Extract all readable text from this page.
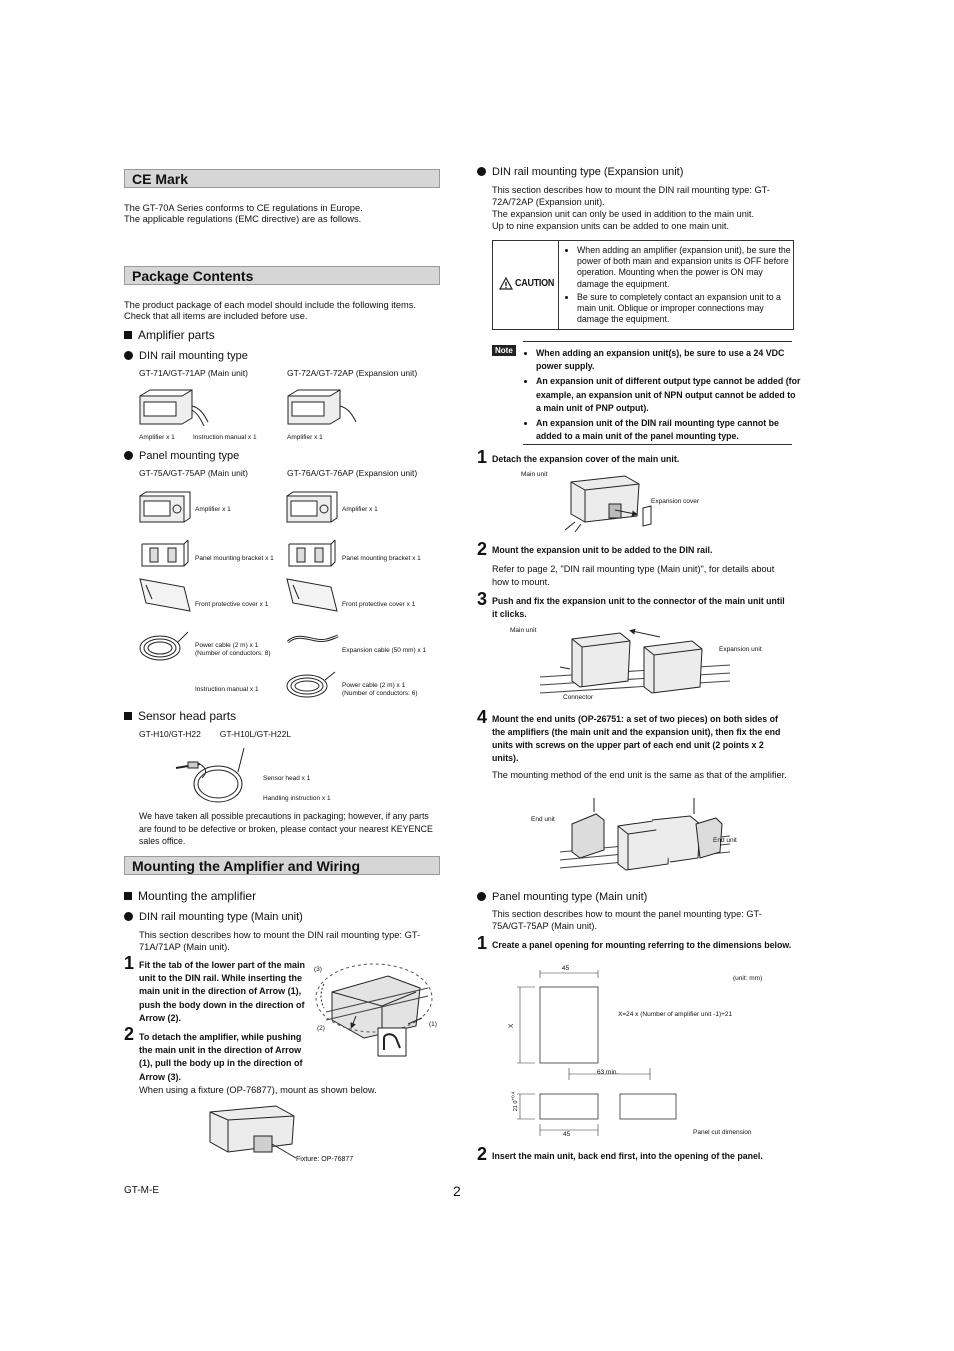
CE Mark
The GT-70A Series conforms to CE regulations in Europe.
The applicable regulations (EMC directive) are as follows.
Package Contents
The product package of each model should include the following items.
Check that all items are included before use.
Amplifier parts
DIN rail mounting type
GT-71A/GT-71AP (Main unit)	GT-72A/GT-72AP (Expansion unit)
Amplifier x 1	Instruction manual x 1	Amplifier x 1
Panel mounting type
GT-75A/GT-75AP (Main unit)	GT-76A/GT-76AP (Expansion unit)
Amplifier x 1	Amplifier x 1
Panel mounting bracket x 1	Panel mounting bracket x 1
Front protective cover x 1	Front protective cover x 1
Power cable (2 m) x 1
(Number of conductors: 8)	Expansion cable (50 mm) x 1
Instruction manual x 1
Power cable (2 m) x 1
(Number of conductors: 6)
Sensor head parts
GT-H10/GT-H22        GT-H10L/GT-H22L
Sensor head x 1
Handling instruction x 1
We have taken all possible precautions in packaging; however, if any parts are found to be defective or broken, please contact your nearest KEYENCE sales office.
Mounting the Amplifier and Wiring
Mounting the amplifier
DIN rail mounting type (Main unit)
This section describes how to mount the DIN rail mounting type: GT-71A/71AP (Main unit).
1 Fit the tab of the lower part of the main unit to the DIN rail. While inserting the main unit in the direction of Arrow (1), push the body down in the direction of Arrow (2).
2 To detach the amplifier, while pushing the main unit in the direction of Arrow (1), pull the body up in the direction of Arrow (3).
(3)
(2)
(1)
When using a fixture (OP-76877), mount as shown below.
Fixture: OP-76877
GT-M-E	2
DIN rail mounting type (Expansion unit)
This section describes how to mount the DIN rail mounting type: GT-72A/72AP (Expansion unit).
The expansion unit can only be used in addition to the main unit.
Up to nine expansion units can be added to one main unit.
CAUTION
• When adding an amplifier (expansion unit), be sure the power of both main and expansion units is OFF before operation. Mounting when the power is ON may damage the equipment.
• Be sure to completely contact an expansion unit to a main unit. Oblique or improper connections may damage the equipment.
Note
•	When adding an expansion unit(s), be sure to use a 24 VDC power supply.
• An expansion unit of different output type cannot be added (for example, an expansion unit of NPN output cannot be added to a main unit of PNP output).
• An expansion unit of the DIN rail mounting type cannot be added to a main unit of the panel mounting type.
1 Detach the expansion cover of the main unit.
Main unit
Expansion cover
2 Mount the expansion unit to be added to the DIN rail.
Refer to page 2, "DIN rail mounting type (Main unit)", for details about how to mount.
3 Push and fix the expansion unit to the connector of the main unit until it clicks.
Main unit
Expansion unit
Connector
4 Mount the end units (OP-26751: a set of two pieces) on both sides of the amplifiers (the main unit and the expansion unit), then fix the end units with screws on the upper part of each end unit (2 points x 2 units).
The mounting method of the end unit is the same as that of the amplifier.
End unit
End unit
Panel mounting type (Main unit)
This section describes how to mount the panel mounting type: GT-75A/GT-75AP (Main unit).
1 Create a panel opening for mounting referring to the dimensions below.
45
(unit: mm)
X
X=24 x (Number of amplifier unit -1)+21
63 min.
21 $0^{+0.4}$
45	Panel cut dimension
2 Insert the main unit, back end first, into the opening of the panel.
